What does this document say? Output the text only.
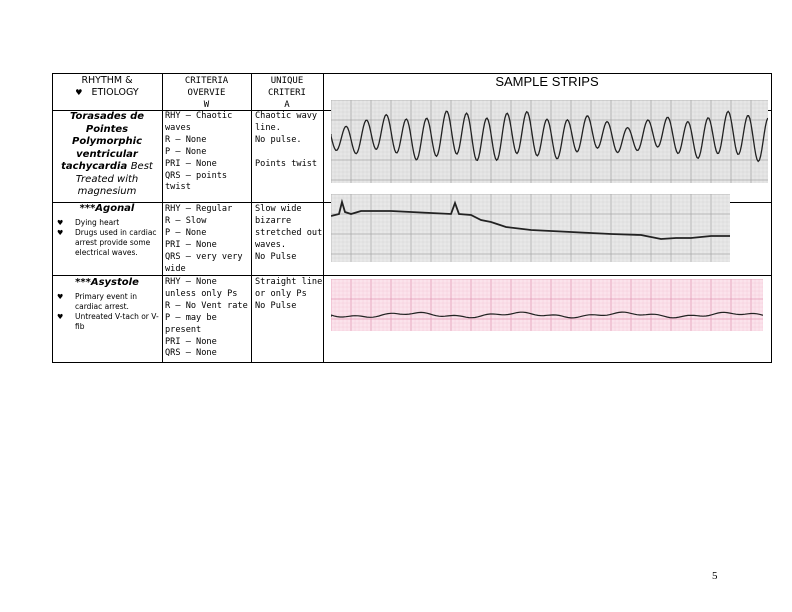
RHYTHM &
♥ ETIOLOGY
CRITERIA
OVERVIE
W
UNIQUE
CRITERI
A
SAMPLE STRIPS
Torasades de Pointes Polymorphic ventricular tachycardia Best Treated with magnesium
RHY – Chaotic waves
R – None
P – None
PRI – None
QRS – points twist
Chaotic wavy line.
No pulse.

Points twist
***Agonal
♥ Dying heart
♥ Drugs used in cardiac arrest provide some electrical waves.
RHY – Regular
R – Slow
P – None
PRI – None
QRS – very very wide
Slow wide bizarre stretched out waves.
No Pulse
***Asystole
♥ Primary event in cardiac arrest.
♥ Untreated V-tach or V-fib
RHY – None unless only Ps
R – No Vent rate
P – may be present
PRI – None
QRS – None
Straight line or only Ps
No Pulse
5
